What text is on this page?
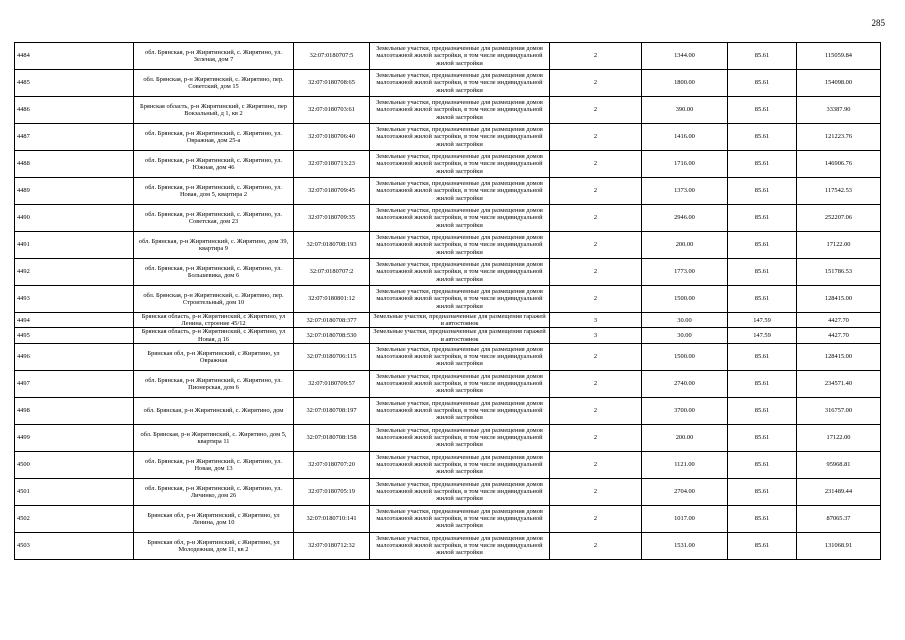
285
4484	обл. Брянская, р-н Жирятинский, с. Жирятино, ул. Зеленая, дом 7	32:07:0180707:5	Земельные участки, предназначенные для размещения домов малоэтажной жилой застройки, в том числе индивидуальной жилой застройки	2	1344.00	85.61	115059.84
4485	обл. Брянская, р-н Жирятинский, с. Жирятино, пер. Советский, дом 15	32:07:0180708:65	Земельные участки, предназначенные для размещения домов малоэтажной жилой застройки, в том числе индивидуальной жилой застройки	2	1800.00	85.61	154098.00
4486	Брянская область, р-н Жирятинский, с Жирятино, пер Вокзальный, д 1, кв 2	32:07:0180703:61	Земельные участки, предназначенные для размещения домов малоэтажной жилой застройки, в том числе индивидуальной жилой застройки	2	390.00	85.61	33387.90
4487	обл. Брянская, р-н Жирятинский, с. Жирятино, ул. Овражная, дом 25-а	32:07:0180706:40	Земельные участки, предназначенные для размещения домов малоэтажной жилой застройки, в том числе индивидуальной жилой застройки	2	1416.00	85.61	121223.76
4488	обл. Брянская, р-н Жирятинский, с. Жирятино, ул. Южная, дом 46	32:07:0180713:23	Земельные участки, предназначенные для размещения домов малоэтажной жилой застройки, в том числе индивидуальной жилой застройки	2	1716.00	85.61	146906.76
4489	обл. Брянская, р-н Жирятинский, с. Жирятино, ул. Новая, дом 5, квартира 2	32:07:0180709:45	Земельные участки, предназначенные для размещения домов малоэтажной жилой застройки, в том числе индивидуальной жилой застройки	2	1373.00	85.61	117542.53
4490	обл. Брянская, р-н Жирятинский, с. Жирятино, ул. Советская, дом 23	32:07:0180709:35	Земельные участки, предназначенные для размещения домов малоэтажной жилой застройки, в том числе индивидуальной жилой застройки	2	2946.00	85.61	252207.06
4491	обл. Брянская, р-н Жирятинский, с. Жирятино, дом 39, квартира 9	32:07:0180708:193	Земельные участки, предназначенные для размещения домов малоэтажной жилой застройки, в том числе индивидуальной жилой застройки	2	200.00	85.61	17122.00
4492	обл. Брянская, р-н Жирятинский, с. Жирятино, ул. Большевика, дом 6	32:07:0180707:2	Земельные участки, предназначенные для размещения домов малоэтажной жилой застройки, в том числе индивидуальной жилой застройки	2	1773.00	85.61	151786.53
4493	обл. Брянская, р-н Жирятинский, с. Жирятино, пер. Строительный, дом 10	32:07:0180801:12	Земельные участки, предназначенные для размещения домов малоэтажной жилой застройки, в том числе индивидуальной жилой застройки	2	1500.00	85.61	128415.00
4494	Брянская область, р-н Жирятинский, с Жирятино, ул Ленина, строение 45/12	32:07:0180708:377	Земельные участки, предназначенные для размещения гаражей и автостоянок	3	30.00	147.59	4427.70
4495	Брянская область, р-н Жирятинский, с Жирятино, ул Новая, д 16	32:07:0180708:530	Земельные участки, предназначенные для размещения гаражей и автостоянок	3	30.00	147.59	4427.70
4496	Брянская обл, р-н Жирятинский, с Жирятино, ул Овражная	32:07:0180706:115	Земельные участки, предназначенные для размещения домов малоэтажной жилой застройки, в том числе индивидуальной жилой застройки	2	1500.00	85.61	128415.00
4497	обл. Брянская, р-н Жирятинский, с. Жирятино, ул. Пионерская, дом 6	32:07:0180709:57	Земельные участки, предназначенные для размещения домов малоэтажной жилой застройки, в том числе индивидуальной жилой застройки	2	2740.00	85.61	234571.40
4498	обл. Брянская, р-н Жирятинский, с. Жирятино, дом	32:07:0180708:197	Земельные участки, предназначенные для размещения домов малоэтажной жилой застройки, в том числе индивидуальной жилой застройки	2	3700.00	85.61	316757.00
4499	обл. Брянская, р-н Жирятинский, с. Жирятино, дом 5, квартира 11	32:07:0180708:158	Земельные участки, предназначенные для размещения домов малоэтажной жилой застройки, в том числе индивидуальной жилой застройки	2	200.00	85.61	17122.00
4500	обл. Брянская, р-н Жирятинский, с. Жирятино, ул. Новая, дом 13	32:07:0180707:20	Земельные участки, предназначенные для размещения домов малоэтажной жилой застройки, в том числе индивидуальной жилой застройки	2	1121.00	85.61	95968.81
4501	обл. Брянская, р-н Жирятинский, с. Жирятино, ул. Личинко, дом 26	32:07:0180705:19	Земельные участки, предназначенные для размещения домов малоэтажной жилой застройки, в том числе индивидуальной жилой застройки	2	2704.00	85.61	231489.44
4502	Брянская обл, р-н Жирятинский, с Жирятино, ул Ленина, дом 10	32:07:0180710:141	Земельные участки, предназначенные для размещения домов малоэтажной жилой застройки, в том числе индивидуальной жилой застройки	2	1017.00	85.61	87065.37
4503	Брянская обл, р-н Жирятинский, с Жирятино, ул Молодежная, дом 11, кв 2	32:07:0180712:32	Земельные участки, предназначенные для размещения домов малоэтажной жилой застройки, в том числе индивидуальной жилой застройки	2	1531.00	85.61	131068.91
